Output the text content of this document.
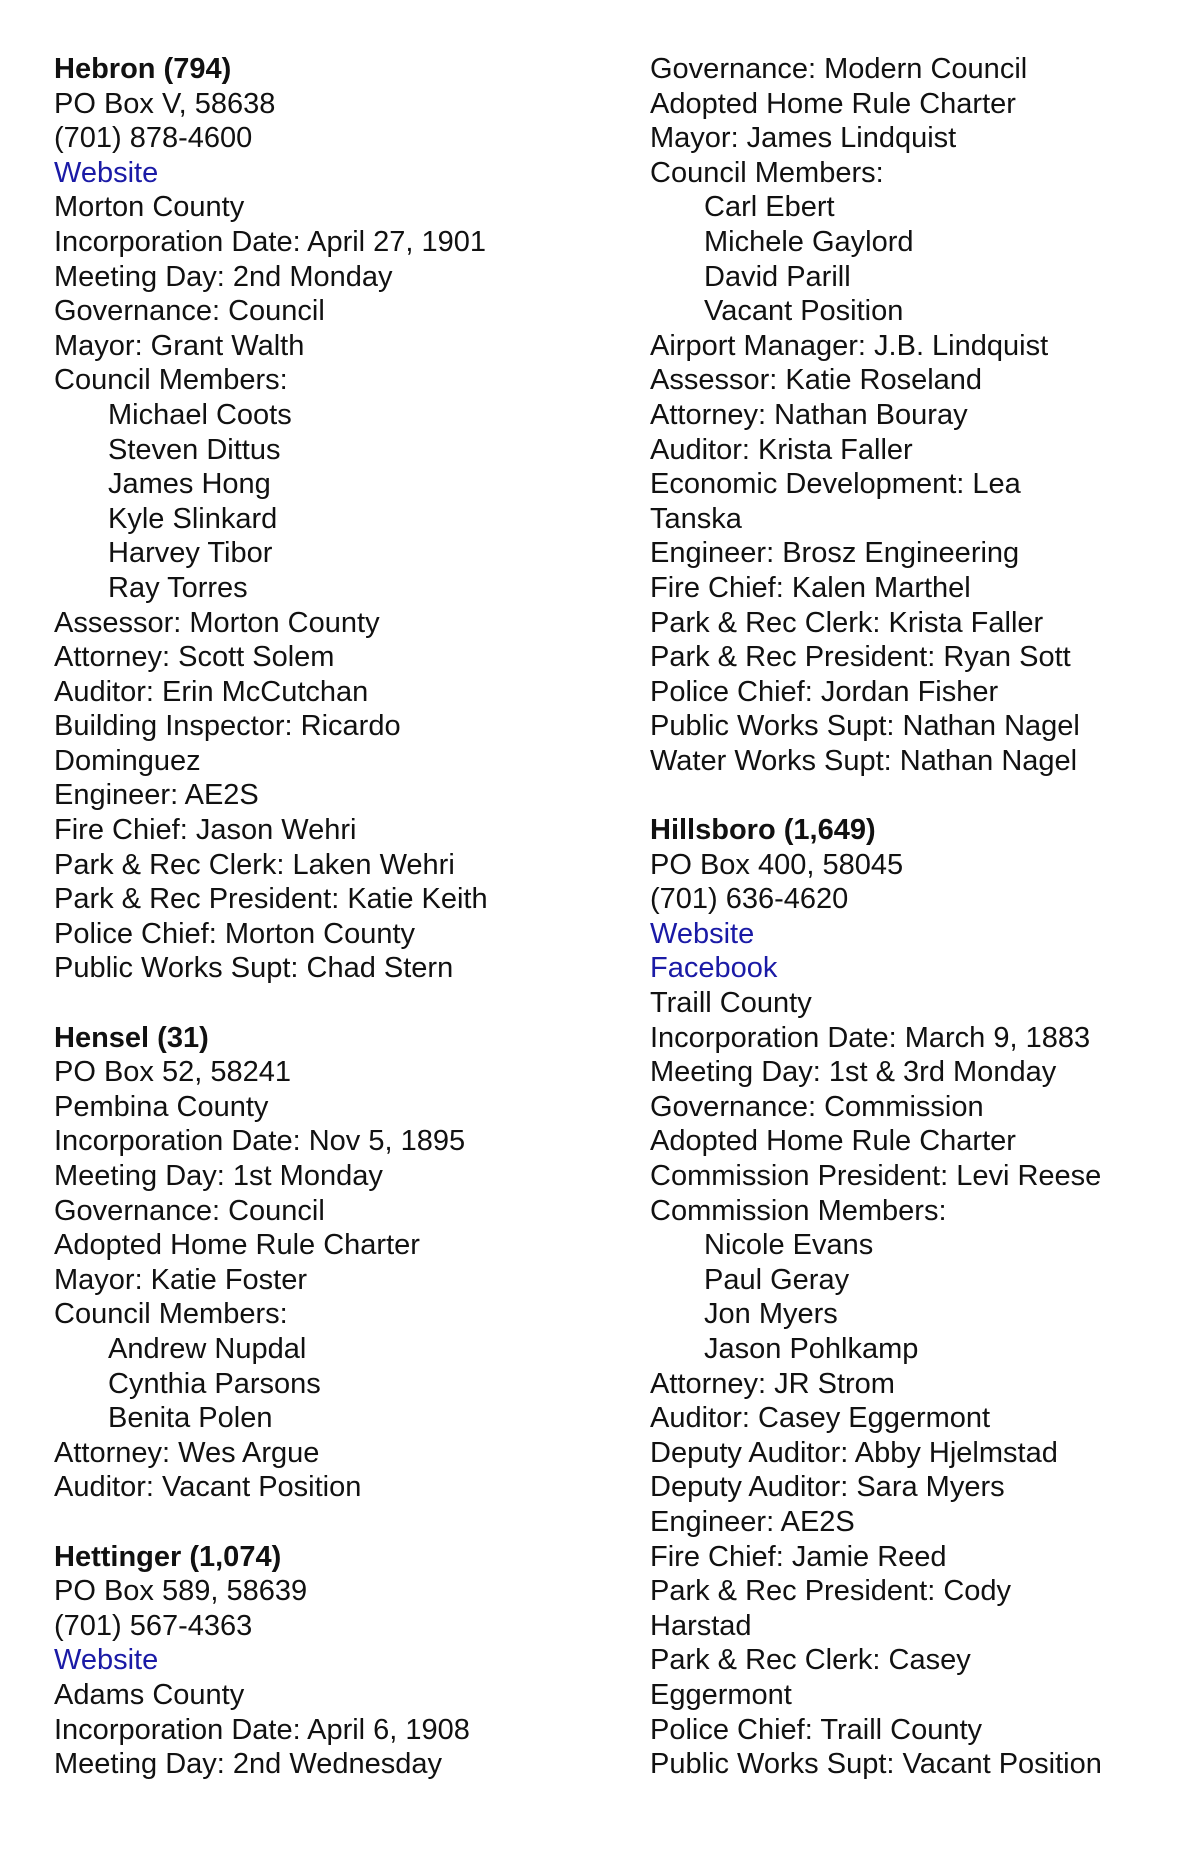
Hebron (794)
PO Box V, 58638
(701) 878-4600
Website
Morton County
Incorporation Date: April 27, 1901
Meeting Day: 2nd Monday
Governance: Council
Mayor: Grant Walth
Council Members:
Michael Coots
Steven Dittus
James Hong
Kyle Slinkard
Harvey Tibor
Ray Torres
Assessor: Morton County
Attorney: Scott Solem
Auditor: Erin McCutchan
Building Inspector: Ricardo
Dominguez
Engineer: AE2S
Fire Chief: Jason Wehri
Park & Rec Clerk: Laken Wehri
Park & Rec President: Katie Keith
Police Chief: Morton County
Public Works Supt: Chad Stern
Hensel (31)
PO Box 52, 58241
Pembina County
Incorporation Date: Nov 5, 1895
Meeting Day: 1st Monday
Governance: Council
Adopted Home Rule Charter
Mayor: Katie Foster
Council Members:
Andrew Nupdal
Cynthia Parsons
Benita Polen
Attorney: Wes Argue
Auditor: Vacant Position
Hettinger (1,074)
PO Box 589, 58639
(701) 567-4363
Website
Adams County
Incorporation Date: April 6, 1908
Meeting Day: 2nd Wednesday
Governance: Modern Council
Adopted Home Rule Charter
Mayor: James Lindquist
Council Members:
Carl Ebert
Michele Gaylord
David Parill
Vacant Position
Airport Manager: J.B. Lindquist
Assessor: Katie Roseland
Attorney: Nathan Bouray
Auditor: Krista Faller
Economic Development: Lea
Tanska
Engineer: Brosz Engineering
Fire Chief: Kalen Marthel
Park & Rec Clerk: Krista Faller
Park & Rec President: Ryan Sott
Police Chief: Jordan Fisher
Public Works Supt: Nathan Nagel
Water Works Supt: Nathan Nagel
Hillsboro (1,649)
PO Box 400, 58045
(701) 636-4620
Website
Facebook
Traill County
Incorporation Date: March 9, 1883
Meeting Day: 1st & 3rd Monday
Governance: Commission
Adopted Home Rule Charter
Commission President: Levi Reese
Commission Members:
Nicole Evans
Paul Geray
Jon Myers
Jason Pohlkamp
Attorney: JR Strom
Auditor: Casey Eggermont
Deputy Auditor: Abby Hjelmstad
Deputy Auditor: Sara Myers
Engineer: AE2S
Fire Chief: Jamie Reed
Park & Rec President: Cody
Harstad
Park & Rec Clerk: Casey
Eggermont
Police Chief: Traill County
Public Works Supt: Vacant Position
